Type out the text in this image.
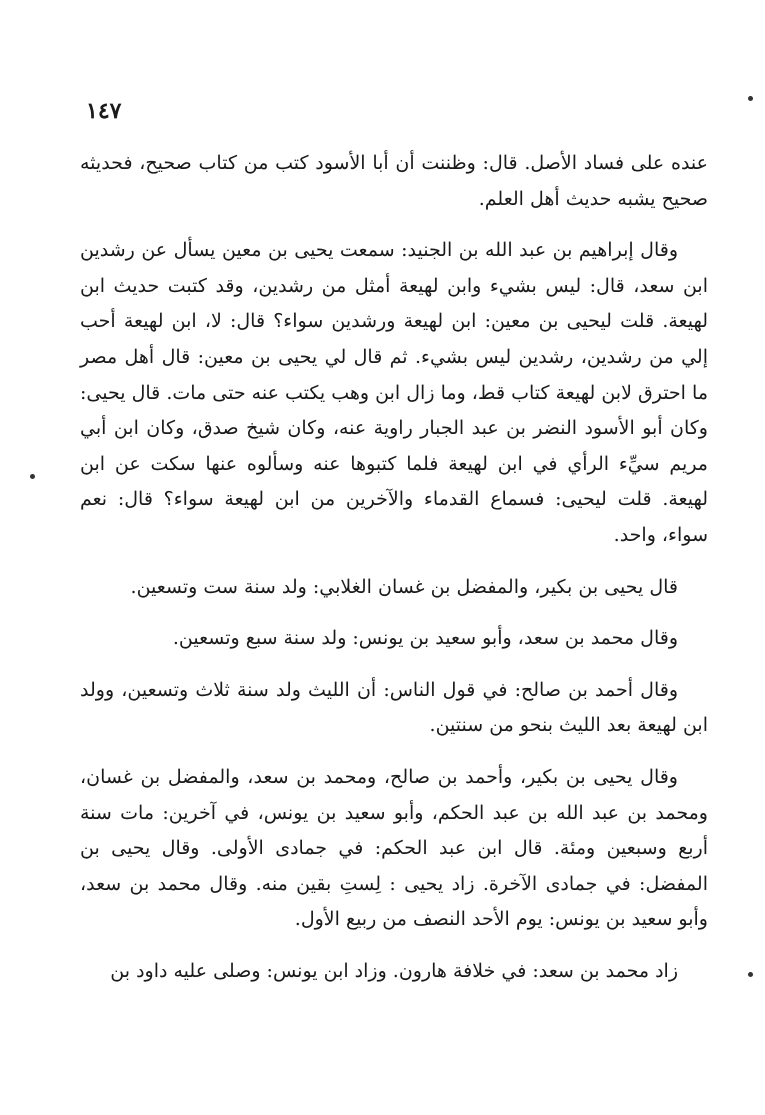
١٤٧

عنده على فساد الأصل. قال: وظننت أن أبا الأسود كتب من كتاب صحيح، فحديثه صحيح يشبه حديث أهل العلم.

وقال إبراهيم بن عبد الله بن الجنيد: سمعت يحيى بن معين يسأل عن رشدين ابن سعد، قال: ليس بشيء وابن لهيعة أمثل من رشدين، وقد كتبت حديث ابن لهيعة. قلت ليحيى بن معين: ابن لهيعة ورشدين سواء؟ قال: لا، ابن لهيعة أحب إلي من رشدين، رشدين ليس بشيء. ثم قال لي يحيى بن معين: قال أهل مصر ما احترق لابن لهيعة كتاب قط، وما زال ابن وهب يكتب عنه حتى مات. قال يحيى: وكان أبو الأسود النضر بن عبد الجبار راوية عنه، وكان شيخ صدق، وكان ابن أبي مريم سيِّء الرأي في ابن لهيعة فلما كتبوها عنه وسألوه عنها سكت عن ابن لهيعة. قلت ليحيى: فسماع القدماء والآخرين من ابن لهيعة سواء؟ قال: نعم سواء، واحد.

قال يحيى بن بكير، والمفضل بن غسان الغلابي: ولد سنة ست وتسعين.

وقال محمد بن سعد، وأبو سعيد بن يونس: ولد سنة سبع وتسعين.

وقال أحمد بن صالح: في قول الناس: أن الليث ولد سنة ثلاث وتسعين، وولد ابن لهيعة بعد الليث بنحو من سنتين.

وقال يحيى بن بكير، وأحمد بن صالح، ومحمد بن سعد، والمفضل بن غسان، ومحمد بن عبد الله بن عبد الحكم، وأبو سعيد بن يونس، في آخرين: مات سنة أربع وسبعين ومئة. قال ابن عبد الحكم: في جمادى الأولى. وقال يحيى بن المفضل: في جمادى الآخرة. زاد يحيى : لِستِ بقين منه. وقال محمد بن سعد، وأبو سعيد بن يونس: يوم الأحد النصف من ربيع الأول.

زاد محمد بن سعد: في خلافة هارون. وزاد ابن يونس: وصلى عليه داود بن
